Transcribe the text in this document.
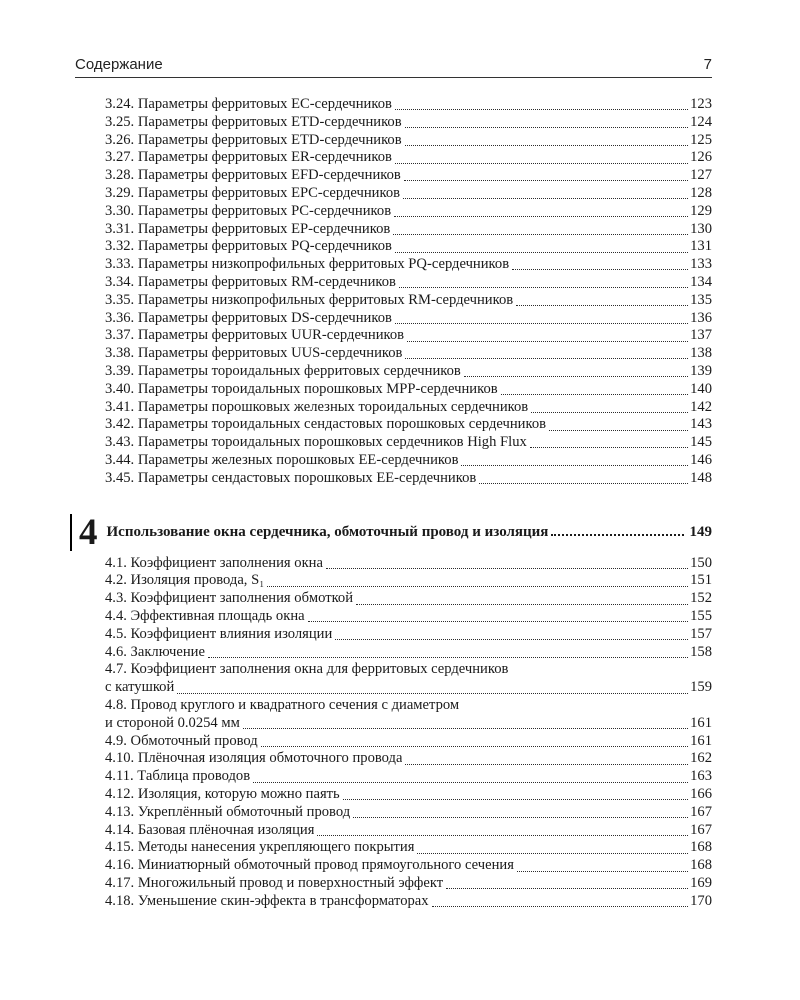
Содержание	7
3.24. Параметры ферритовых EC-сердечников	123
3.25. Параметры ферритовых ETD-сердечников	124
3.26. Параметры ферритовых ETD-сердечников	125
3.27. Параметры ферритовых ER-сердечников	126
3.28. Параметры ферритовых EFD-сердечников	127
3.29. Параметры ферритовых EPC-сердечников	128
3.30. Параметры ферритовых PC-сердечников	129
3.31. Параметры ферритовых EP-сердечников	130
3.32. Параметры ферритовых PQ-сердечников	131
3.33. Параметры низкопрофильных ферритовых PQ-сердечников	133
3.34. Параметры ферритовых RM-сердечников	134
3.35. Параметры низкопрофильных ферритовых RM-сердечников	135
3.36. Параметры ферритовых DS-сердечников	136
3.37. Параметры ферритовых UUR-сердечников	137
3.38. Параметры ферритовых UUS-сердечников	138
3.39. Параметры тороидальных ферритовых сердечников	139
3.40. Параметры тороидальных порошковых MPP-сердечников	140
3.41. Параметры порошковых железных тороидальных сердечников	142
3.42. Параметры тороидальных сендастовых порошковых сердечников	143
3.43. Параметры тороидальных порошковых сердечников High Flux	145
3.44. Параметры железных порошковых EE-сердечников	146
3.45. Параметры сендастовых порошковых EE-сердечников	148
4 Использование окна сердечника, обмоточный провод и изоляция	149
4.1. Коэффициент заполнения окна	150
4.2. Изоляция провода, S₁	151
4.3. Коэффициент заполнения обмоткой	152
4.4. Эффективная площадь окна	155
4.5. Коэффициент влияния изоляции	157
4.6. Заключение	158
4.7. Коэффициент заполнения окна для ферритовых сердечников
с катушкой	159
4.8. Провод круглого и квадратного сечения с диаметром
и стороной 0.0254 мм	161
4.9. Обмоточный провод	161
4.10. Плёночная изоляция обмоточного провода	162
4.11. Таблица проводов	163
4.12. Изоляция, которую можно паять	166
4.13. Укреплённый обмоточный провод	167
4.14. Базовая плёночная изоляция	167
4.15. Методы нанесения укрепляющего покрытия	168
4.16. Миниатюрный обмоточный провод прямоугольного сечения	168
4.17. Многожильный провод и поверхностный эффект	169
4.18. Уменьшение скин-эффекта в трансформаторах	170
